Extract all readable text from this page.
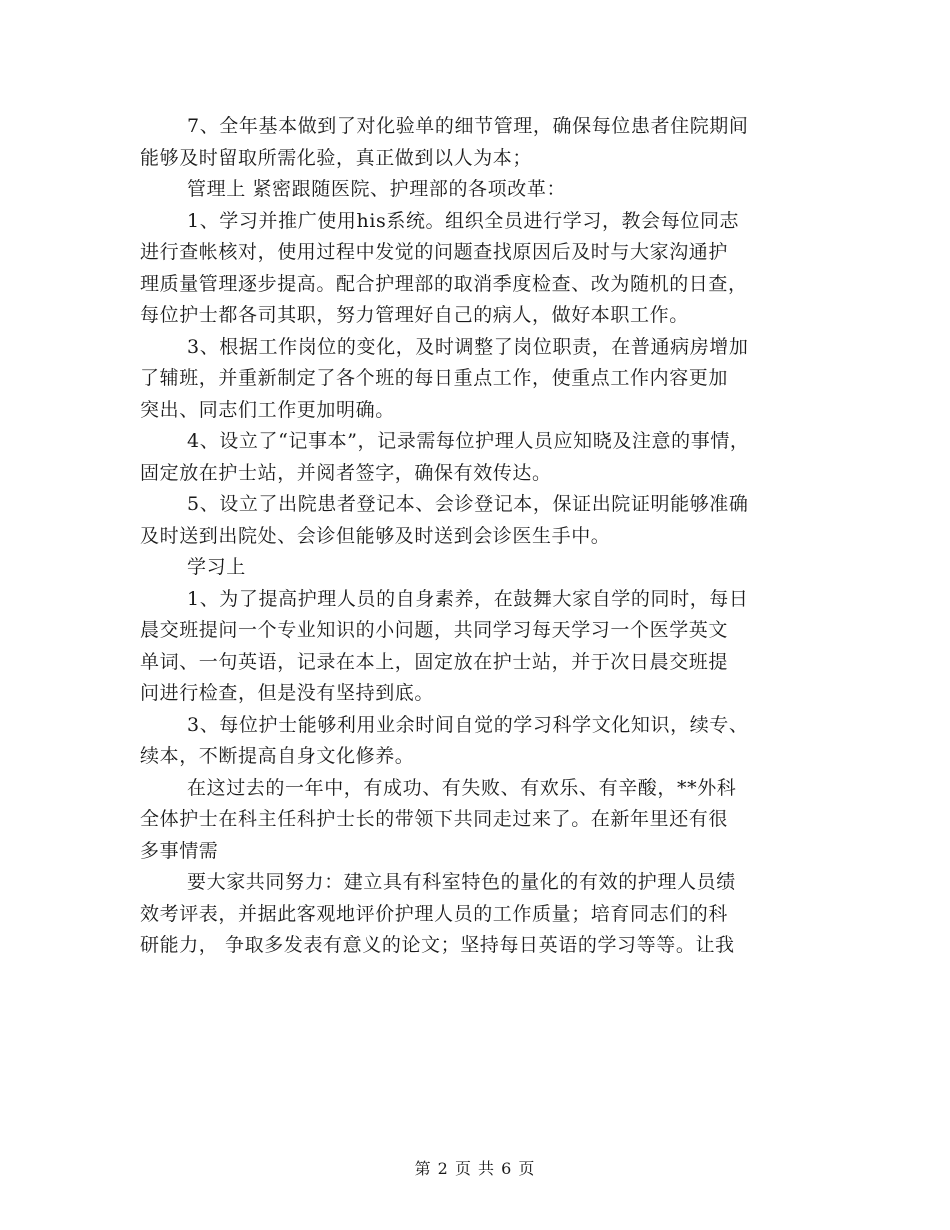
7、全年基本做到了对化验单的细节管理，确保每位患者住院期间
能够及时留取所需化验，真正做到以人为本；
管理上 紧密跟随医院、护理部的各项改革：
1、学习并推广使用his系统。组织全员进行学习，教会每位同志
进行查帐核对，使用过程中发觉的问题查找原因后及时与大家沟通护
理质量管理逐步提高。配合护理部的取消季度检查、改为随机的日查，
每位护士都各司其职，努力管理好自己的病人，做好本职工作。
3、根据工作岗位的变化，及时调整了岗位职责，在普通病房增加
了辅班，并重新制定了各个班的每日重点工作，使重点工作内容更加
突出、同志们工作更加明确。
4、设立了“记事本”，记录需每位护理人员应知晓及注意的事情，
固定放在护士站，并阅者签字，确保有效传达。
5、设立了出院患者登记本、会诊登记本，保证出院证明能够准确
及时送到出院处、会诊但能够及时送到会诊医生手中。
学习上
1、为了提高护理人员的自身素养，在鼓舞大家自学的同时，每日
晨交班提问一个专业知识的小问题，共同学习每天学习一个医学英文
单词、一句英语，记录在本上，固定放在护士站，并于次日晨交班提
问进行检查，但是没有坚持到底。
3、每位护士能够利用业余时间自觉的学习科学文化知识，续专、
续本，不断提高自身文化修养。
在这过去的一年中，有成功、有失败、有欢乐、有辛酸，**外科
全体护士在科主任科护士长的带领下共同走过来了。在新年里还有很
多事情需
要大家共同努力：建立具有科室特色的量化的有效的护理人员绩
效考评表，并据此客观地评价护理人员的工作质量；培育同志们的科
研能力， 争取多发表有意义的论文；坚持每日英语的学习等等。让我
第 2 页 共 6 页
